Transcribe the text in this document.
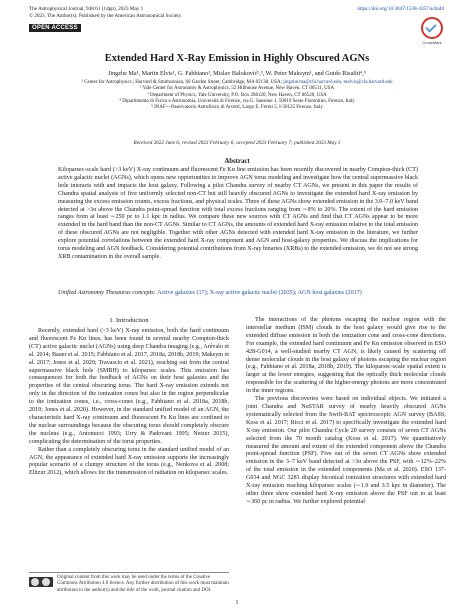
The Astrophysical Journal, 948:61 (14pp), 2023 May 1
© 2023. The Author(s). Published by the American Astronomical Society.
OPEN ACCESS
https://doi.org/10.3847/1538-4357/acbafd
CrossMark
Extended Hard X-Ray Emission in Highly Obscured AGNs
Jingzhe Ma¹, Martin Elvis¹, G. Fabbiano¹, Mislav Baloković²,³, W. Peter Maksym¹, and Guido Risaliti⁴,⁵
¹ Center for Astrophysics | Harvard & Smithsonian, 60 Garden Street, Cambridge, MA 02138, USA; jingzhe.ma@cfa.harvard.edu, melvis@cfa.harvard.edu
² Yale Center for Astronomy & Astrophysics, 52 Hillhouse Avenue, New Haven, CT 06511, USA
³ Department of Physics, Yale University, P.O. Box 208120, New Haven, CT 06520, USA
⁴ Dipartimento di Fisica e Astronomia, Università di Firenze, via G. Sansone 1, 50019 Sesto Fiorentino, Firenze, Italy
⁵ INAF—Osservatorio Astrofisico di Arcetri, Largo E. Fermi 5, I-50125 Firenze, Italy
Received 2022 June 6; revised 2023 February 6; accepted 2023 February 7; published 2023 May 1
Abstract
Kiloparsec-scale hard (>3 keV) X-ray continuum and fluorescent Fe Kα line emission has been recently discovered in nearby Compton-thick (CT) active galactic nuclei (AGNs), which opens new opportunities to improve AGN torus modeling and investigate how the central supermassive black hole interacts with and impacts the host galaxy. Following a pilot Chandra survey of nearby CT AGNs, we present in this paper the results of Chandra spatial analysis of five uniformly selected non-CT but still heavily obscured AGNs to investigate the extended hard X-ray emission by measuring the excess emission counts, excess fractions, and physical scales. Three of these AGNs show extended emission in the 3.0–7.0 keV band detected at >3σ above the Chandra point-spread function with total excess fractions ranging from ∼8% to 20%. The extent of the hard emission ranges from at least ∼250 pc to 1.1 kpc in radius. We compare these new sources with CT AGNs and find that CT AGNs appear to be more extended in the hard band than the non-CT AGNs. Similar to CT AGNs, the amounts of extended hard X-ray emission relative to the total emission of these obscured AGNs are not negligible. Together with other AGNs detected with extended hard X-ray emission in the literature, we further explore potential correlations between the extended hard X-ray component and AGN and host-galaxy properties. We discuss the implications for torus modeling and AGN feedback. Considering potential contributions from X-ray binaries (XRBs) to the extended emission, we do not see strong XRB contamination in the overall sample.
Unified Astronomy Thesaurus concepts: Active galaxies (17); X-ray active galactic nuclei (2035); AGN host galaxies (2017)
1. Introduction

Recently, extended hard (>3 keV) X-ray emission, both the hard continuum and fluorescent Fe Kα lines, has been found in several nearby Compton-thick (CT) active galactic nuclei (AGNs) using deep Chandra imaging (e.g., Arévalo et al. 2014; Bauer et al. 2015; Fabbiano et al. 2017, 2018a, 2018b, 2019; Maksym et al. 2017; Jones et al. 2020; Travascio et al. 2021), reaching out from the central supermassive black hole (SMBH) to kiloparsec scales. This emission has consequences for both the feedback of AGNs on their host galaxies and the properties of the central obscuring torus. The hard X-ray emission extends not only in the direction of the ionization cones but also in the region perpendicular to the ionization cones, i.e., cross-cones (e.g., Fabbiano et al. 2018a, 2018b, 2019; Jones et al. 2020). However, in the standard unified model of an AGN, the characteristic hard X-ray continuum and fluorescent Fe Kα lines are confined to the nuclear surroundings because the obscuring torus should completely obscure the nucleus (e.g., Antonucci 1993; Urry & Padovani 1995; Netzer 2015), complicating the determination of the torus properties.

Rather than a completely obscuring torus in the standard unified model of an AGN, the appearance of extended hard X-ray emission supports the increasingly popular scenario of a clumpy structure of the torus (e.g., Nenkova et al. 2008; Elitzur 2012), which allows for the transmission of radiation on kiloparsec scales.

The interactions of the photons escaping the nuclear region with the interstellar medium (ISM) clouds in the host galaxy would give rise to the extended diffuse emission in both the ionization cone and cross-cone directions. For example, the extended hard continuum and Fe Kα emission observed in ESO 428-G014, a well-studied nearby CT AGN, is likely caused by scattering off dense molecular clouds in the host galaxy of photons escaping the nuclear region (e.g., Fabbiano et al. 2018a, 2018b, 2019). The kiloparsec-scale spatial extent is larger at the lower energies, suggesting that the optically thick molecular clouds responsible for the scattering of the higher-energy photons are more concentrated in the inner regions.

The previous discoveries were based on individual objects. We initiated a joint Chandra and NuSTAR survey of nearby heavily obscured AGNs systematically selected from the Swift-BAT spectroscopic AGN survey (BASS; Koss et al. 2017; Ricci et al. 2017) to specifically investigate the extended hard X-ray emission. Our pilot Chandra Cycle 20 survey consists of seven CT AGNs selected from the 70 month catalog (Koss et al. 2017). We quantitatively measured the amount and extent of the extended component above the Chandra point-spread function (PSF). Five out of the seven CT AGNs show extended emission in the 3–7 keV band detected at >3σ above the PSF, with ∼12%–22% of the total emission in the extended components (Ma et al. 2020). ESO 137-G034 and NGC 3281 display biconical ionization structures with extended hard X-ray emission reaching kiloparsec scales (∼1.9 and 3.5 kpc in diameter). The other three show extended hard X-ray emission above the PSF out to at least ∼360 pc in radius. We further explored potential

Original content from this work may be used under the terms of the Creative Commons Attribution 4.0 licence. Any further distribution of this work must maintain attribution to the author(s) and the title of the work, journal citation and DOI.
1
